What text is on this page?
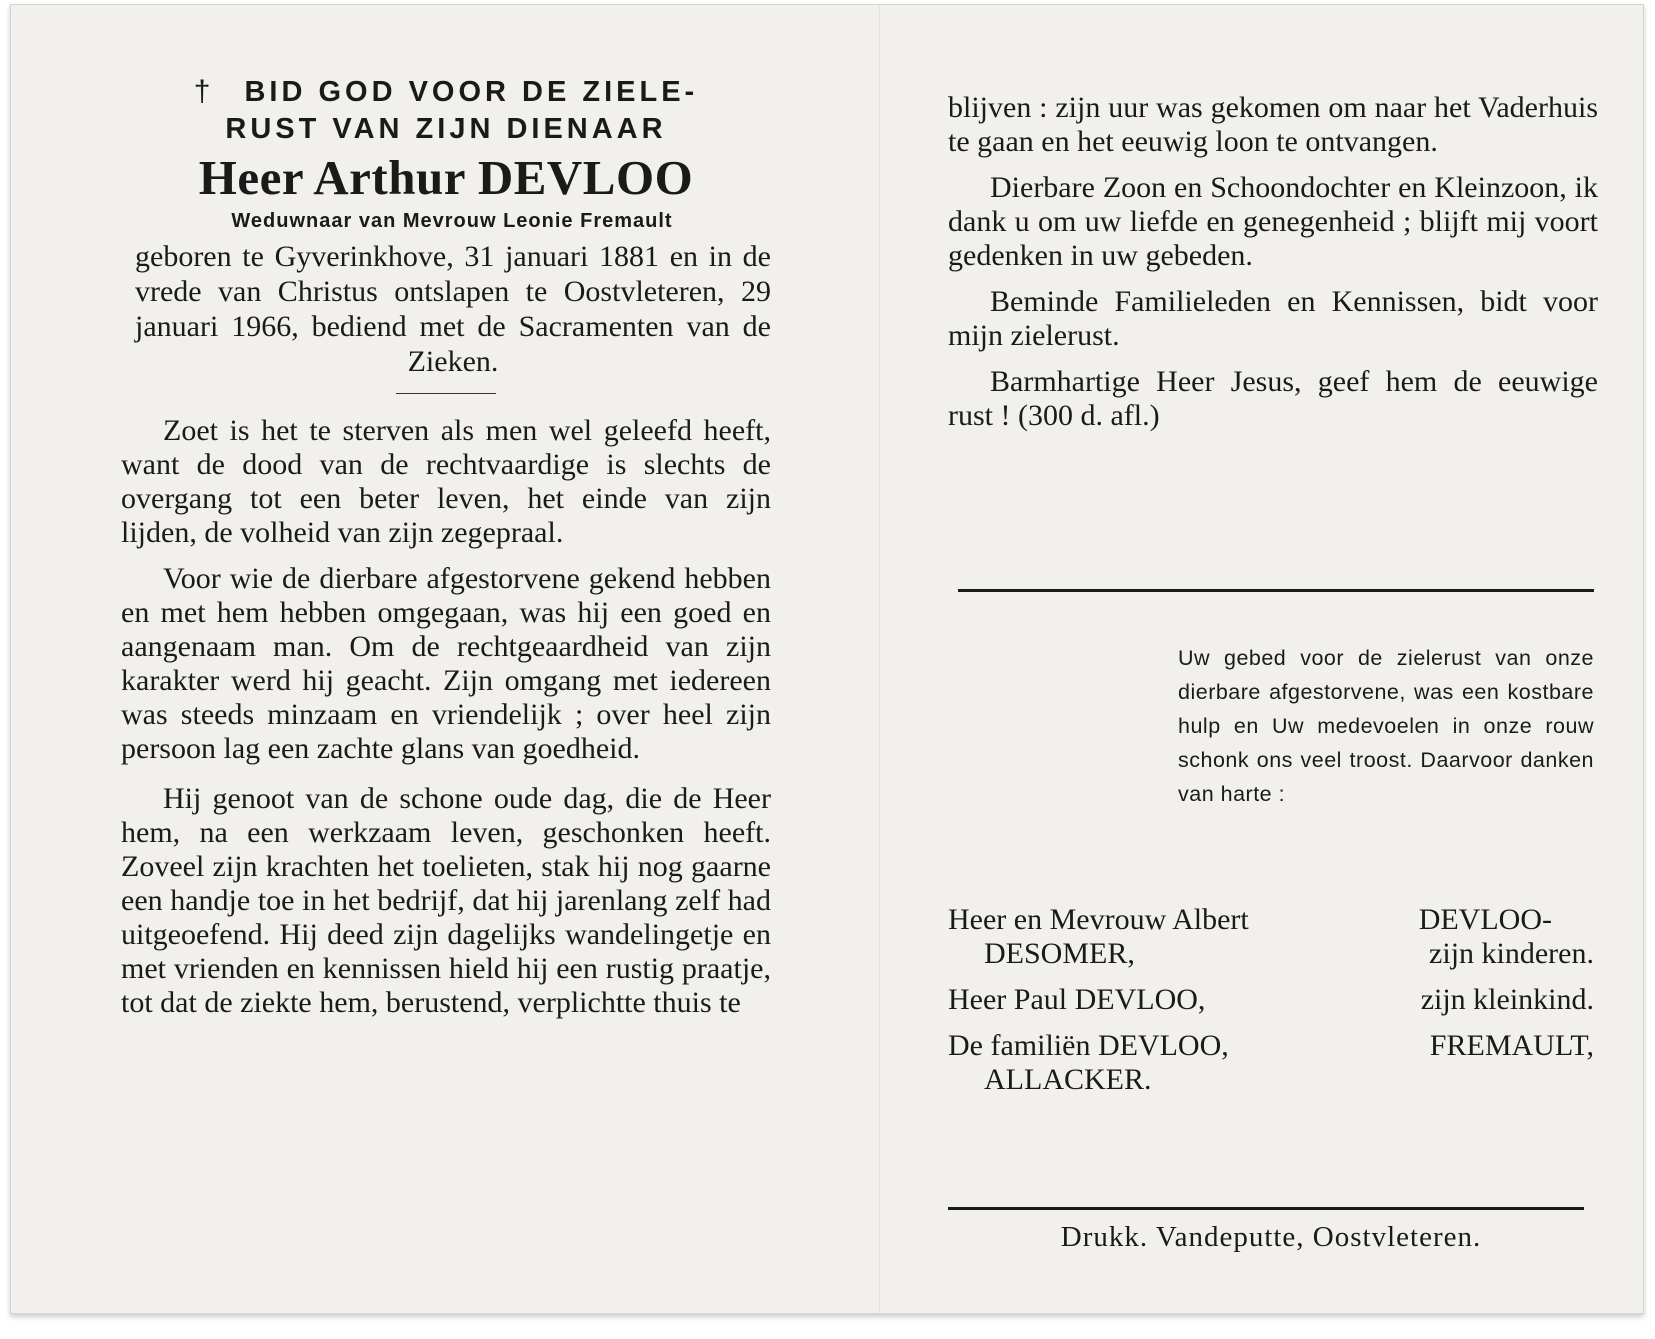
† BID GOD VOOR DE ZIELE-

RUST VAN ZIJN DIENAAR

Heer Arthur DEVLOO
Weduwnaar van Mevrouw Leonie Fremault
geboren te Gyverinkhove, 31 januari 1881 en in de vrede van Christus ontslapen te Oostvleteren, 29 januari 1966, bediend met de Sacramenten van de Zieken.

Zoet is het te sterven als men wel geleefd heeft, want de dood van de rechtvaardige is slechts de overgang tot een beter leven, het einde van zijn lijden, de volheid van zijn zegepraal.

Voor wie de dierbare afgestorvene gekend hebben en met hem hebben omgegaan, was hij een goed en aangenaam man. Om de rechtgeaardheid van zijn karakter werd hij geacht. Zijn omgang met iedereen was steeds minzaam en vriendelijk ; over heel zijn persoon lag een zachte glans van goedheid.

Hij genoot van de schone oude dag, die de Heer hem, na een werkzaam leven, geschonken heeft. Zoveel zijn krachten het toelieten, stak hij nog gaarne een handje toe in het bedrijf, dat hij jarenlang zelf had uitgeoefend. Hij deed zijn dagelijks wandelingetje en met vrienden en kennissen hield hij een rustig praatje, tot dat de ziekte hem, berustend, verplichtte thuis te

blijven : zijn uur was gekomen om naar het Vaderhuis te gaan en het eeuwig loon te ontvangen.

Dierbare Zoon en Schoondochter en Kleinzoon, ik dank u om uw liefde en genegenheid ; blijft mij voort gedenken in uw gebeden.

Beminde Familieleden en Kennissen, bidt voor mijn zielerust.

Barmhartige Heer Jesus, geef hem de eeuwige rust ! (300 d. afl.)

Uw gebed voor de zielerust van onze dierbare afgestorvene, was een kostbare hulp en Uw medevoelen in onze rouw schonk ons veel troost. Daarvoor danken van harte :
Heer en Mevrouw Albert	DEVLOO-
DESOMER,	zijn kinderen.
Heer Paul DEVLOO,	zijn kleinkind.
De familiën DEVLOO,	FREMAULT,
ALLACKER.
Drukk. Vandeputte, Oostvleteren.
